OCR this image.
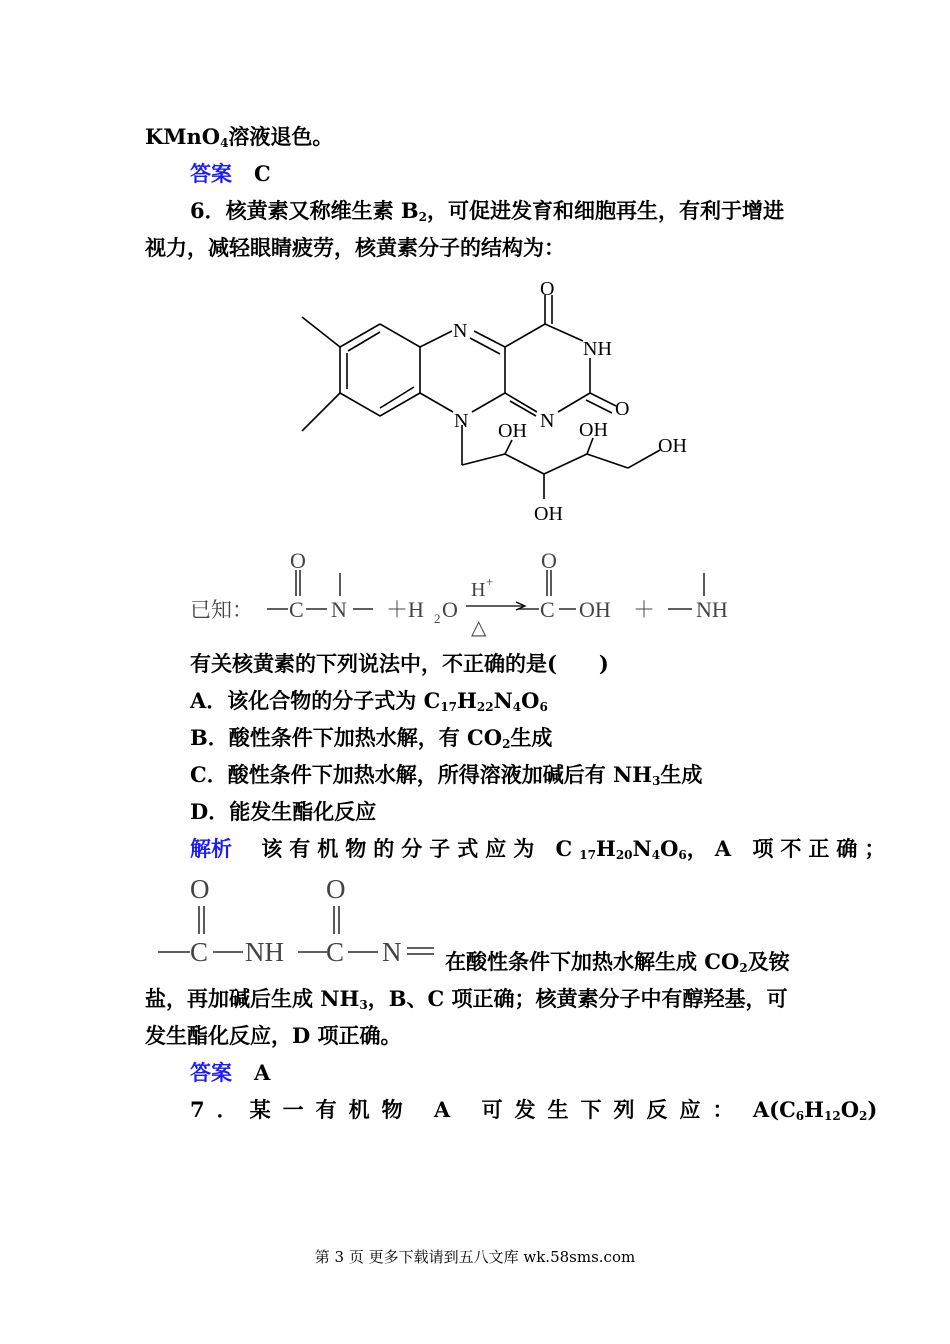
KMnO$_4$溶液退色。
答案 C
6．核黄素又称维生素 $B_2$，可促进发育和细胞再生，有利于增进
视力，减轻眼睛疲劳，核黄素分子的结构为：
N
NH
O
O
N
N OH	OH
OH
OH
已知：
O
C N ＋H 2 O
H +
△
O
C OH ＋ NH
有关核黄素的下列说法中，不正确的是(　　)
A．该化合物的分子式为 $C_{17}H_{22}N_4O_6$
B．酸性条件下加热水解，有 $CO_2$生成
C．酸性条件下加热水解，所得溶液加碱后有 $NH_3$生成
D．能发生酯化反应
解析 该有机物的分子式应为 $C_{17}H_{20}N_4O_6$，A 项不正确；
O
C NH
O
C N 在酸性条件下加热水解生成 $CO_2$及铵
盐，再加碱后生成 $NH_3$，B、C 项正确；核黄素分子中有醇羟基，可
发生酯化反应，D 项正确。
答案 A
7．某一有机物 A 可发生下列反应： $A(C_6H_{12}O_2)$
第 3 页 更多下载请到五八文库 wk.58sms.com
